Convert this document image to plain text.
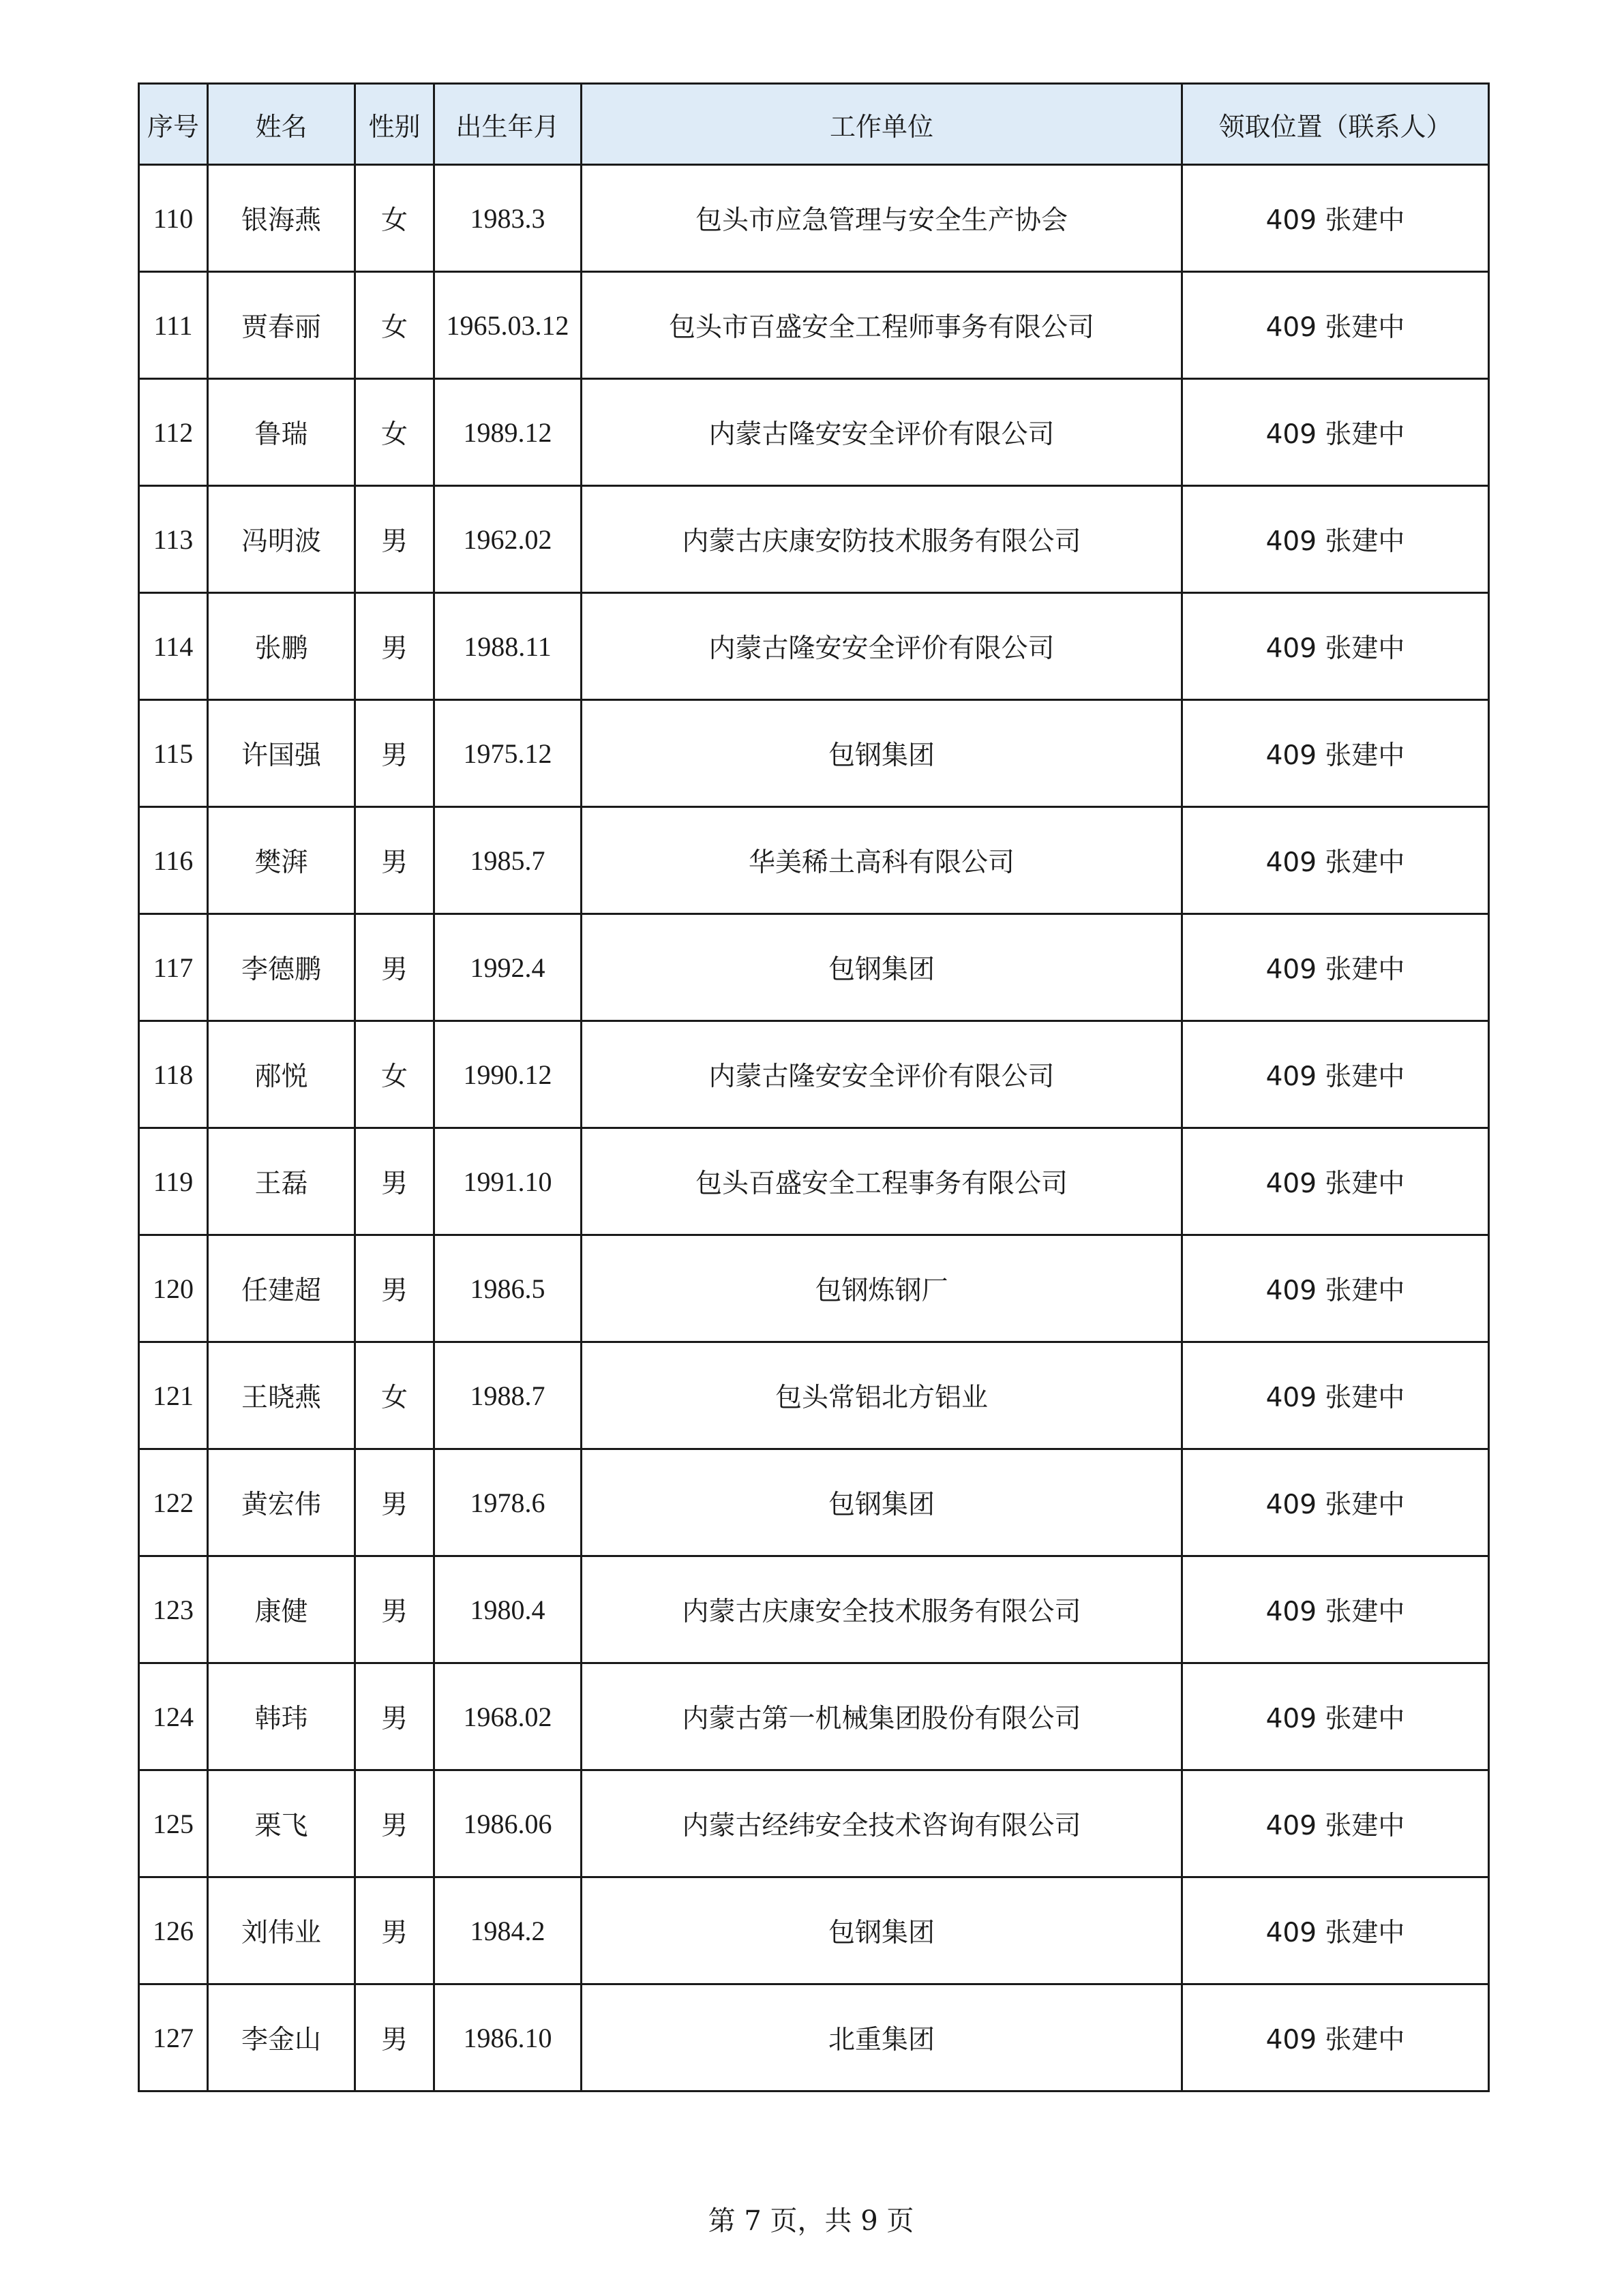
序号	姓名	性别	出生年月	工作单位	领取位置（联系人）
110	银海燕	女	1983.3	包头市应急管理与安全生产协会	409 张建中
111	贾春丽	女	1965.03.12	包头市百盛安全工程师事务有限公司	409 张建中
112	鲁瑞	女	1989.12	内蒙古隆安安全评价有限公司	409 张建中
113	冯明波	男	1962.02	内蒙古庆康安防技术服务有限公司	409 张建中
114	张鹏	男	1988.11	内蒙古隆安安全评价有限公司	409 张建中
115	许国强	男	1975.12	包钢集团	409 张建中
116	樊湃	男	1985.7	华美稀土高科有限公司	409 张建中
117	李德鹏	男	1992.4	包钢集团	409 张建中
118	邴悦	女	1990.12	内蒙古隆安安全评价有限公司	409 张建中
119	王磊	男	1991.10	包头百盛安全工程事务有限公司	409 张建中
120	任建超	男	1986.5	包钢炼钢厂	409 张建中
121	王晓燕	女	1988.7	包头常铝北方铝业	409 张建中
122	黄宏伟	男	1978.6	包钢集团	409 张建中
123	康健	男	1980.4	内蒙古庆康安全技术服务有限公司	409 张建中
124	韩玮	男	1968.02	内蒙古第一机械集团股份有限公司	409 张建中
125	栗飞	男	1986.06	内蒙古经纬安全技术咨询有限公司	409 张建中
126	刘伟业	男	1984.2	包钢集团	409 张建中
127	李金山	男	1986.10	北重集团	409 张建中
第 7 页，共 9 页
